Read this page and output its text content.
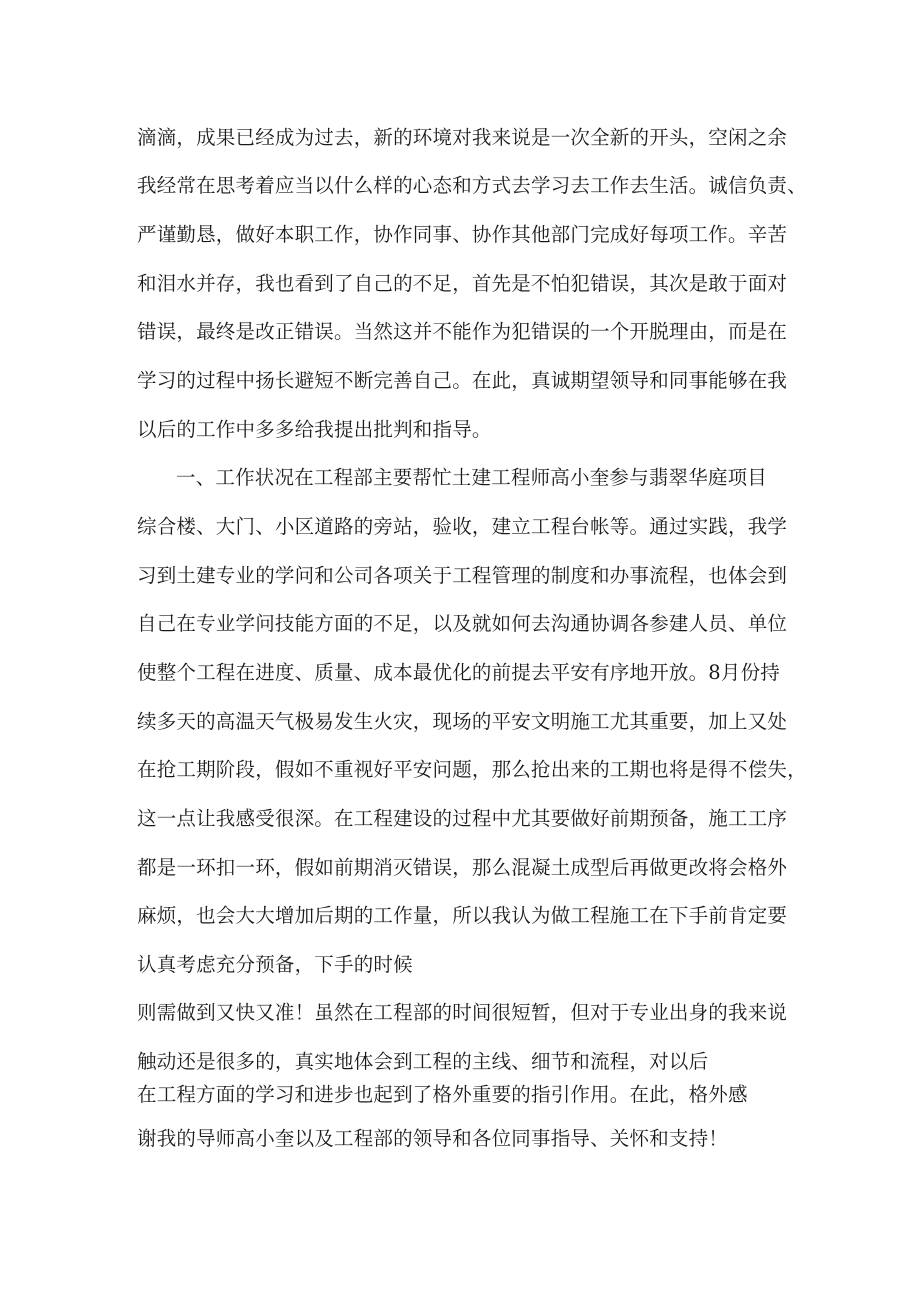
滴滴，成果已经成为过去，新的环境对我来说是一次全新的开头，空闲之余
我经常在思考着应当以什么样的心态和方式去学习去工作去生活。诚信负责、
严谨勤恳，做好本职工作，协作同事、协作其他部门完成好每项工作。辛苦
和泪水并存，我也看到了自己的不足，首先是不怕犯错误，其次是敢于面对
错误，最终是改正错误。当然这并不能作为犯错误的一个开脱理由，而是在
学习的过程中扬长避短不断完善自己。在此，真诚期望领导和同事能够在我
以后的工作中多多给我提出批判和指导。
一、工作状况在工程部主要帮忙土建工程师高小奎参与翡翠华庭项目
综合楼、大门、小区道路的旁站，验收，建立工程台帐等。通过实践，我学
习到土建专业的学问和公司各项关于工程管理的制度和办事流程，也体会到
自己在专业学问技能方面的不足，以及就如何去沟通协调各参建人员、单位
使整个工程在进度、质量、成本最优化的前提去平安有序地开放。8月份持
续多天的高温天气极易发生火灾，现场的平安文明施工尤其重要，加上又处
在抢工期阶段，假如不重视好平安问题，那么抢出来的工期也将是得不偿失，
这一点让我感受很深。在工程建设的过程中尤其要做好前期预备，施工工序
都是一环扣一环，假如前期消灭错误，那么混凝土成型后再做更改将会格外
麻烦，也会大大增加后期的工作量，所以我认为做工程施工在下手前肯定要
认真考虑充分预备，下手的时候
则需做到又快又准！虽然在工程部的时间很短暂，但对于专业出身的我来说
触动还是很多的，真实地体会到工程的主线、细节和流程，对以后
在工程方面的学习和进步也起到了格外重要的指引作用。在此，格外感
谢我的导师高小奎以及工程部的领导和各位同事指导、关怀和支持！
